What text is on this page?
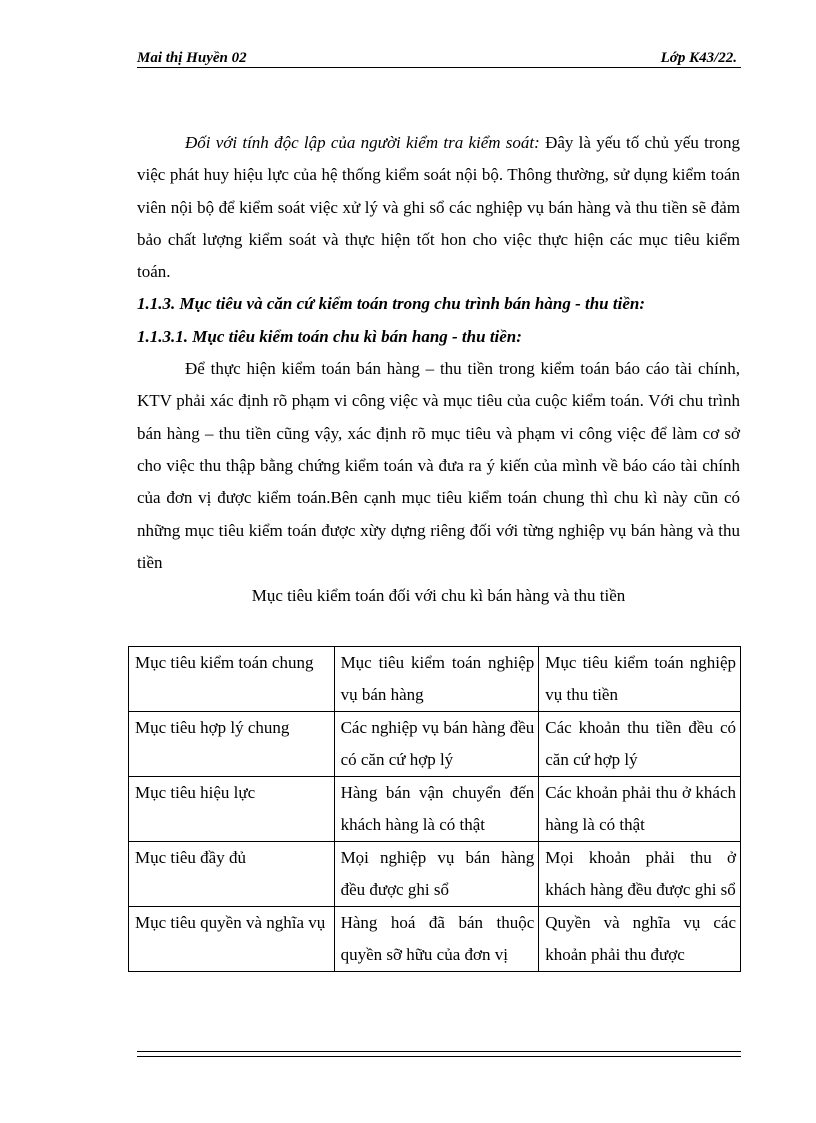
Mai thị Huyền 02	Lớp K43/22.

Đối với tính độc lập của người kiểm tra kiểm soát: Đây là yếu tố chủ yếu trong việc phát huy hiệu lực của hệ thống kiểm soát nội bộ. Thông thường, sử dụng kiểm toán viên nội bộ để kiểm soát việc xử lý và ghi sổ các nghiệp vụ bán hàng và thu tiền sẽ đảm bảo chất lượng kiểm soát và thực hiện tốt hon cho việc thực hiện các mục tiêu kiểm toán.

1.1.3. Mục tiêu và căn cứ kiểm toán trong chu trình bán hàng - thu tiền:

1.1.3.1. Mục tiêu kiểm toán chu kì bán hang - thu tiền:

Để thực hiện kiểm toán bán hàng – thu tiền trong kiểm toán báo cáo tài chính, KTV phải xác định rõ phạm vi công việc và mục tiêu của cuộc kiểm toán. Với chu trình bán hàng – thu tiền cũng vậy, xác định rõ mục tiêu và phạm vi công việc để làm cơ sở cho việc thu thập bằng chứng kiểm toán và đưa ra ý kiến của mình về báo cáo tài chính của đơn vị được kiểm toán.Bên cạnh mục tiêu kiểm toán chung thì chu kì này cũn có những mục tiêu kiểm toán được xừy dựng riêng đối với từng nghiệp vụ bán hàng và thu tiền

Mục tiêu kiểm toán đối với chu kì bán hàng và thu tiền
Mục tiêu kiểm toán chung	Mục tiêu kiểm toán nghiệp vụ bán hàng	Mục tiêu kiểm toán nghiệp vụ thu tiền
Mục tiêu hợp lý chung	Các nghiệp vụ bán hàng đều có căn cứ hợp lý	Các khoản thu tiền đều có căn cứ hợp lý
Mục tiêu hiệu lực	Hàng bán vận chuyển đến khách hàng là có thật	Các khoản phải thu ở khách hàng là có thật
Mục tiêu đầy đủ	Mọi nghiệp vụ bán hàng đều được ghi sổ	Mọi khoản phải thu ở khách hàng đều được ghi sổ
Mục tiêu quyền và nghĩa vụ	Hàng hoá đã bán thuộc quyền sỡ hữu của đơn vị	Quyền và nghĩa vụ các khoản phải thu được
